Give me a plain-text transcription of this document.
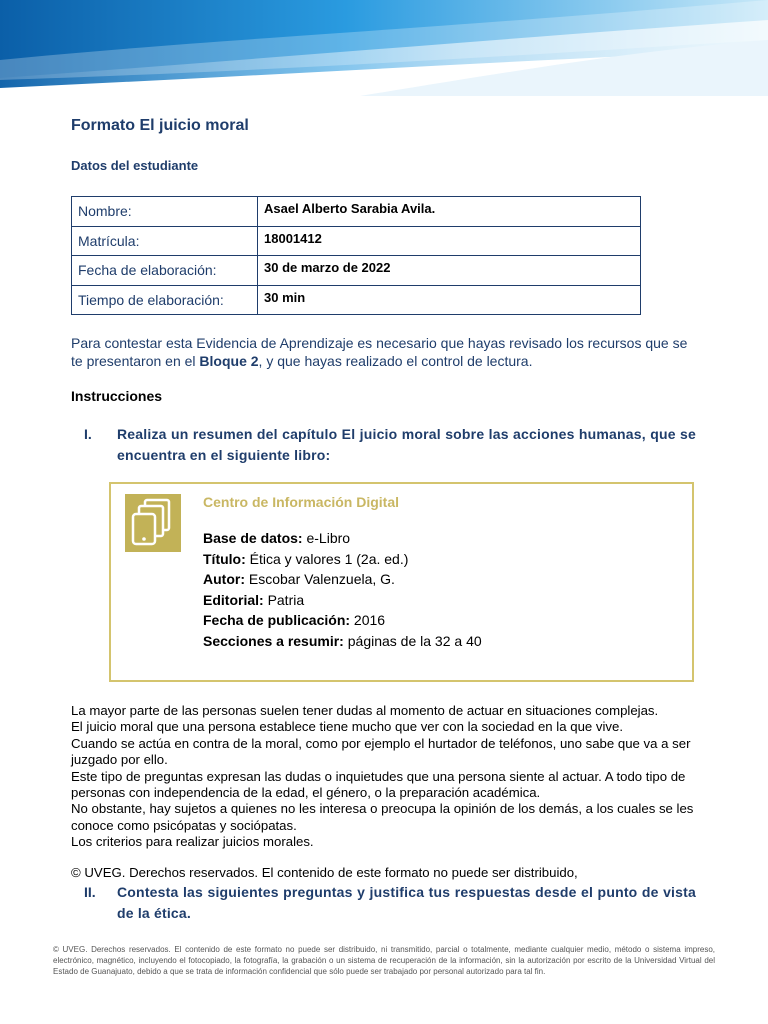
Formato El juicio moral
Datos del estudiante
Nombre:	Asael Alberto Sarabia Avila.
Matrícula:	18001412
Fecha de elaboración:	30 de marzo de 2022
Tiempo de elaboración:	30 min

Para contestar esta Evidencia de Aprendizaje es necesario que hayas revisado los recursos que se te presentaron en el Bloque 2, y que hayas realizado el control de lectura.

Instrucciones
I.	Realiza un resumen del capítulo El juicio moral sobre las acciones humanas, que se encuentra en el siguiente libro:
Centro de Información Digital
Base de datos: e-Libro
Título: Ética y valores 1 (2a. ed.)
Autor: Escobar Valenzuela, G.
Editorial: Patria
Fecha de publicación: 2016
Secciones a resumir: páginas de la 32 a 40
La mayor parte de las personas suelen tener dudas al momento de actuar en situaciones complejas.
El juicio moral que una persona establece tiene mucho que ver con la sociedad en la que vive.
Cuando se actúa en contra de la moral, como por ejemplo el hurtador de teléfonos, uno sabe que va a ser juzgado por ello.
Este tipo de preguntas expresan las dudas o inquietudes que una persona siente al actuar. A todo tipo de personas con independencia de la edad, el género, o la preparación académica.
No obstante, hay sujetos a quienes no les interesa o preocupa la opinión de los demás, a los cuales se les conoce como psicópatas y sociópatas.
Los criterios para realizar juicios morales.
© UVEG. Derechos reservados. El contenido de este formato no puede ser distribuido,
II.	Contesta las siguientes preguntas y justifica tus respuestas desde el punto de vista de la ética.
© UVEG. Derechos reservados. El contenido de este formato no puede ser distribuido, ni transmitido, parcial o totalmente, mediante cualquier medio, método o sistema impreso, electrónico, magnético, incluyendo el fotocopiado, la fotografía, la grabación o un sistema de recuperación de la información, sin la autorización por escrito de la Universidad Virtual del Estado de Guanajuato, debido a que se trata de información confidencial que sólo puede ser trabajado por personal autorizado para tal fin.
